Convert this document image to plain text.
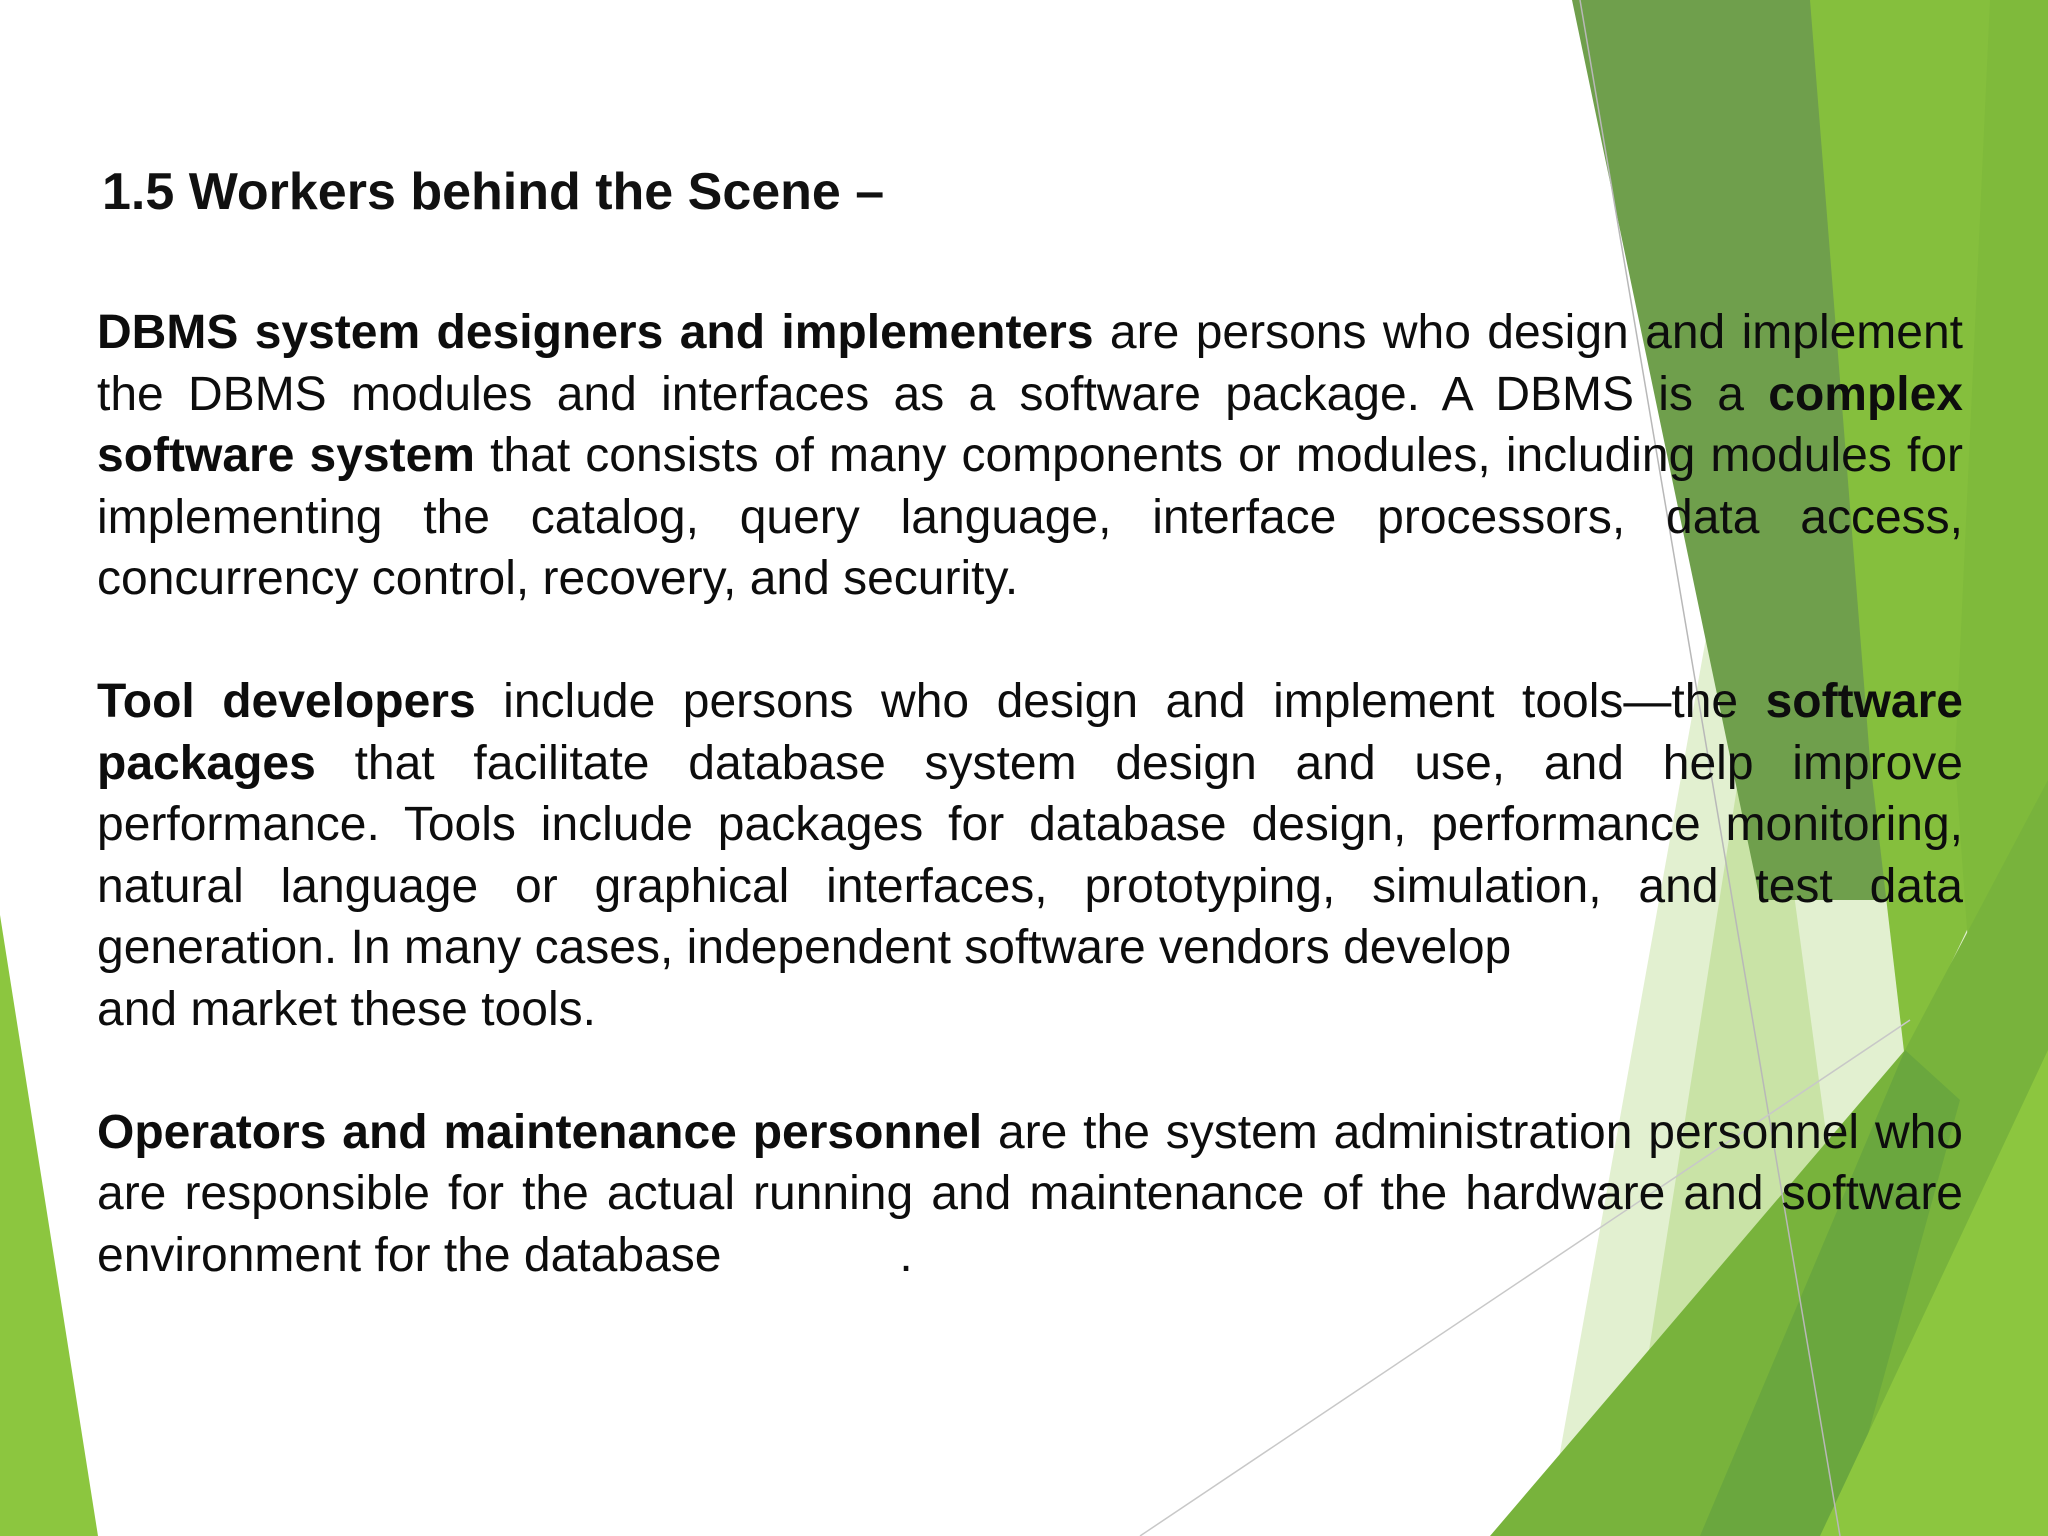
1.5 Workers behind the Scene –

DBMS system designers and implementers are persons who design and implement the DBMS modules and interfaces as a software package. A DBMS is a complex software system that consists of many components or modules, including modules for implementing the catalog, query language, interface processors, data access, concurrency control, recovery, and security.

Tool developers include persons who design and implement tools—the software packages that facilitate database system design and use, and help improve performance. Tools include packages for database design, performance monitoring, natural language or graphical interfaces, prototyping, simulation, and test data generation. In many cases, independent software vendors develop
and market these tools.

Operators and maintenance personnel are the system administration personnel who are responsible for the actual running and maintenance of the hardware and software environment for the database	.
